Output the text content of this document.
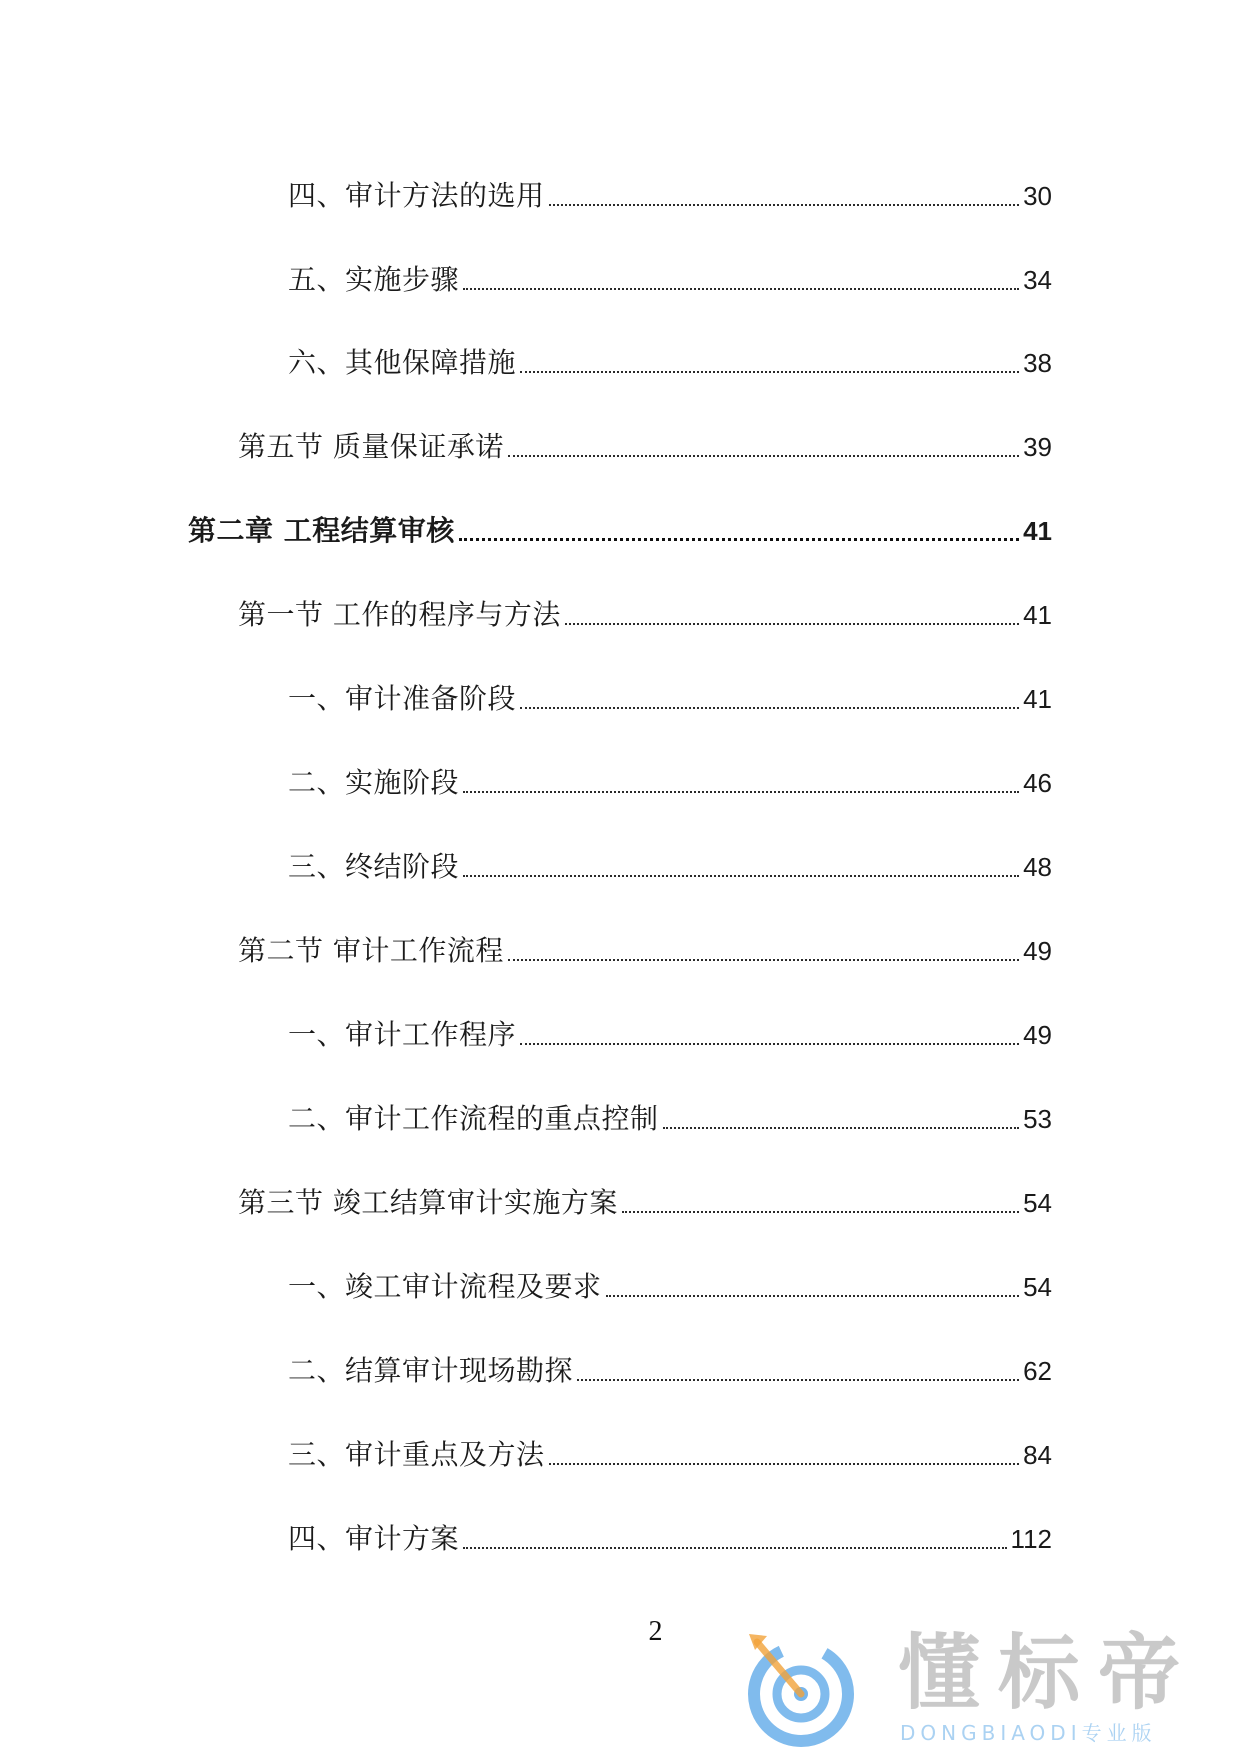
四、审计方法的选用	30
五、实施步骤	34
六、其他保障措施	38
第五节 质量保证承诺	39
第二章 工程结算审核	41
第一节 工作的程序与方法	41
一、审计准备阶段	41
二、实施阶段	46
三、终结阶段	48
第二节 审计工作流程	49
一、审计工作程序	49
二、审计工作流程的重点控制	53
第三节 竣工结算审计实施方案	54
一、竣工审计流程及要求	54
二、结算审计现场勘探	62
三、审计重点及方法	84
四、审计方案	112
2	懂标帝
DONGBIAODI专业版
